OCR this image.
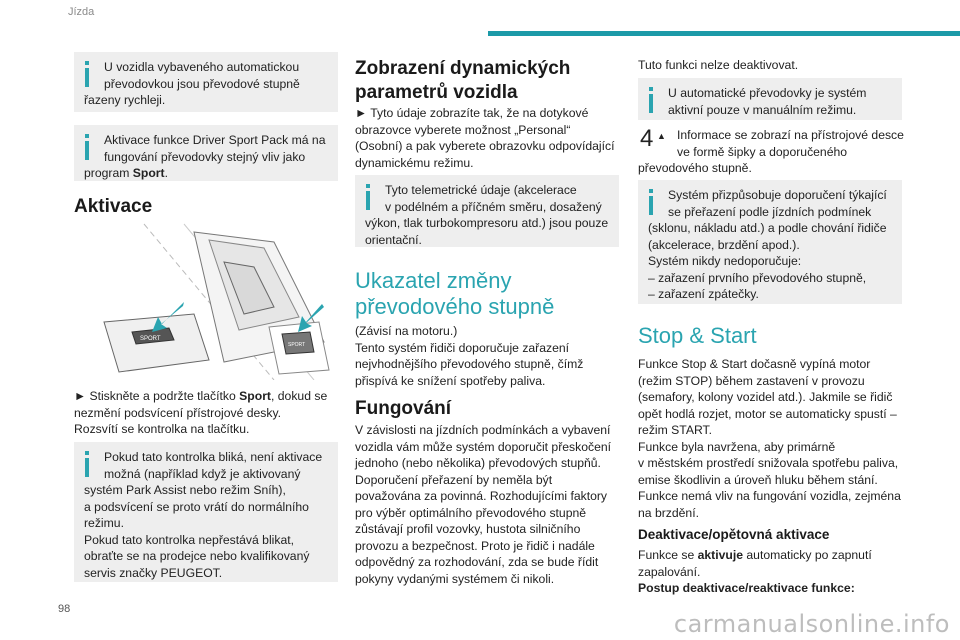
Jízda
U vozidla vybaveného automatickou
převodovkou jsou převodové stupně
řazeny rychleji.
Aktivace funkce Driver Sport Pack má na
fungování převodovky stejný vliv jako
program Sport.
Aktivace
SPORT
SPORT
► Stiskněte a podržte tlačítko Sport, dokud se
nezmění podsvícení přístrojové desky.
Rozsvítí se kontrolka na tlačítku.
Pokud tato kontrolka bliká, není aktivace
možná (například když je aktivovaný
systém Park Assist nebo režim Sníh),
a podsvícení se proto vrátí do normálního
režimu.
Pokud tato kontrolka nepřestává blikat,
obraťte se na prodejce nebo kvalifikovaný
servis značky PEUGEOT.
Zobrazení dynamických
parametrů vozidla
► Tyto údaje zobrazíte tak, že na dotykové
obrazovce vyberete možnost „Personal“
(Osobní) a pak vyberete obrazovku odpovídající
dynamickému režimu.
Tyto telemetrické údaje (akcelerace
v podélném a příčném směru, dosažený
výkon, tlak turbokompresoru atd.) jsou pouze
orientační.
Ukazatel změny
převodového stupně
(Závisí na motoru.)
Tento systém řidiči doporučuje zařazení
nejvhodnějšího převodového stupně, čímž
přispívá ke snížení spotřeby paliva.
Fungování
V závislosti na jízdních podmínkách a vybavení
vozidla vám může systém doporučit přeskočení
jednoho (nebo několika) převodových stupňů.
Doporučení přeřazení by neměla být
považována za povinná. Rozhodujícími faktory
pro výběr optimálního převodového stupně
zůstávají profil vozovky, hustota silničního
provozu a bezpečnost. Proto je řidič i nadále
odpovědný za rozhodování, zda se bude řídit
pokyny vydanými systémem či nikoli.
Tuto funkci nelze deaktivovat.
U automatické převodovky je systém
aktivní pouze v manuálním režimu.
4 ▲ Informace se zobrazí na přístrojové desce
ve formě šipky a doporučeného
převodového stupně.
Systém přizpůsobuje doporučení týkající
se přeřazení podle jízdních podmínek
(sklonu, nákladu atd.) a podle chování řidiče
(akcelerace, brzdění apod.).
Systém nikdy nedoporučuje:
– zařazení prvního převodového stupně,
– zařazení zpátečky.
Stop & Start
Funkce Stop & Start dočasně vypíná motor
(režim STOP) během zastavení v provozu
(semafory, kolony vozidel atd.). Jakmile se řidič
opět hodlá rozjet, motor se automaticky spustí –
režim START.
Funkce byla navržena, aby primárně
v městském prostředí snižovala spotřebu paliva,
emise škodlivin a úroveň hluku během stání.
Funkce nemá vliv na fungování vozidla, zejména
na brzdění.
Deaktivace/opětovná aktivace
Funkce se aktivuje automaticky po zapnutí
zapalování.
Postup deaktivace/reaktivace funkce:
98
carmanualsonline.info
